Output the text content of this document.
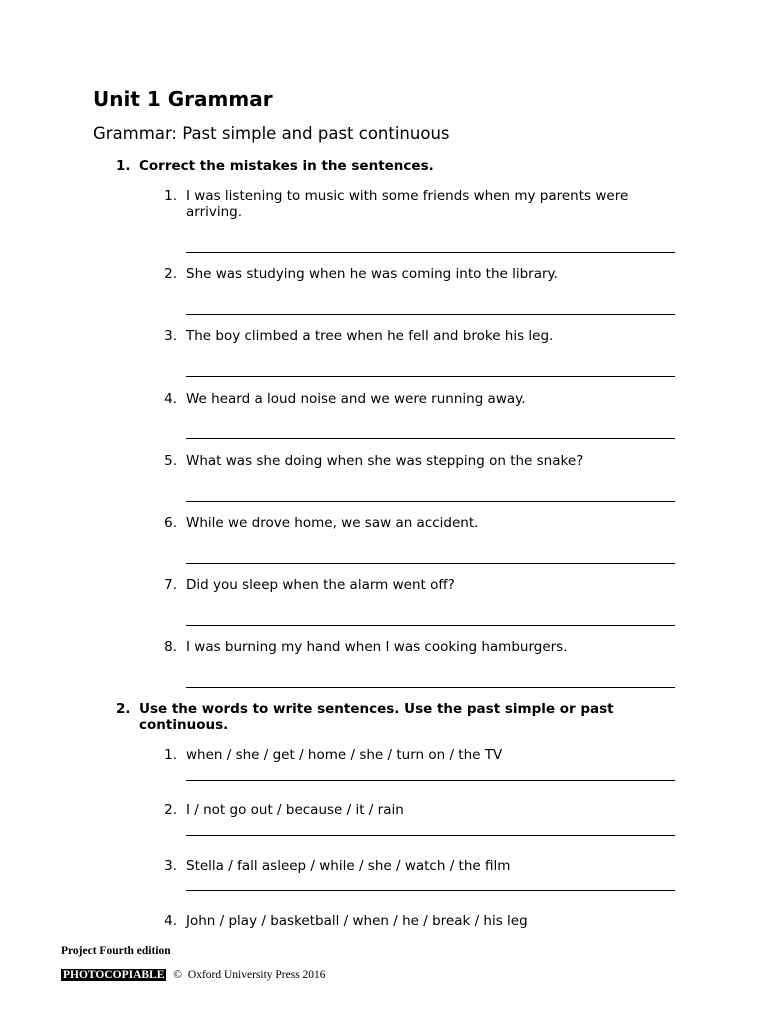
Unit 1 Grammar
Grammar: Past simple and past continuous
1. Correct the mistakes in the sentences.
1. I was listening to music with some friends when my parents were arriving.
2. She was studying when he was coming into the library.
3. The boy climbed a tree when he fell and broke his leg.
4. We heard a loud noise and we were running away.
5. What was she doing when she was stepping on the snake?
6. While we drove home, we saw an accident.
7. Did you sleep when the alarm went off?
8. I was burning my hand when I was cooking hamburgers.
2. Use the words to write sentences. Use the past simple or past continuous.
1. when / she / get / home / she / turn on / the TV
2. I / not go out / because / it / rain
3. Stella / fall asleep / while / she / watch / the film
4. John / play / basketball / when / he / break / his leg
Project Fourth edition
PHOTOCOPIABLE © Oxford University Press 2016
